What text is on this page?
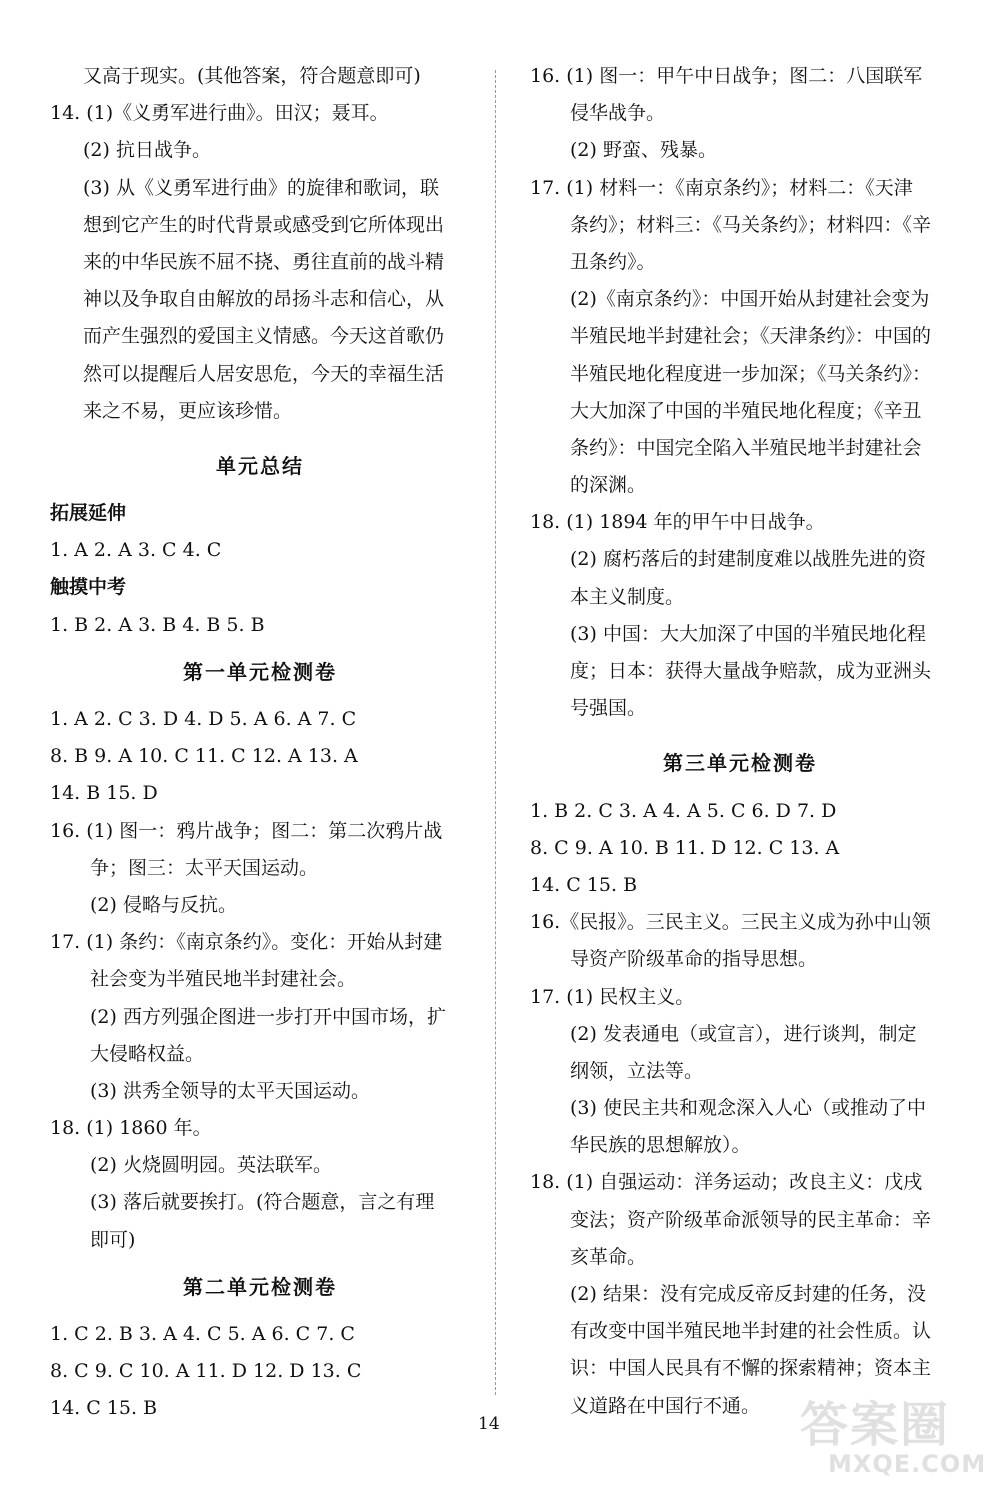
又高于现实。(其他答案，符合题意即可)
14. (1)《义勇军进行曲》。田汉；聂耳。
(2) 抗日战争。
(3) 从《义勇军进行曲》的旋律和歌词，联
想到它产生的时代背景或感受到它所体现出
来的中华民族不屈不挠、勇往直前的战斗精
神以及争取自由解放的昂扬斗志和信心，从
而产生强烈的爱国主义情感。今天这首歌仍
然可以提醒后人居安思危，今天的幸福生活
来之不易，更应该珍惜。
单元总结
拓展延伸
1. A 2. A 3. C 4. C
触摸中考
1. B 2. A 3. B 4. B 5. B
第一单元检测卷
1. A 2. C 3. D 4. D 5. A 6. A 7. C
8. B 9. A 10. C 11. C 12. A 13. A
14. B 15. D
16. (1) 图一：鸦片战争；图二：第二次鸦片战
争；图三：太平天国运动。
(2) 侵略与反抗。
17. (1) 条约：《南京条约》。变化：开始从封建
社会变为半殖民地半封建社会。
(2) 西方列强企图进一步打开中国市场，扩
大侵略权益。
(3) 洪秀全领导的太平天国运动。
18. (1) 1860 年。
(2) 火烧圆明园。英法联军。
(3) 落后就要挨打。(符合题意，言之有理
即可)
第二单元检测卷
1. C 2. B 3. A 4. C 5. A 6. C 7. C
8. C 9. C 10. A 11. D 12. D 13. C
14. C 15. B
16. (1) 图一：甲午中日战争；图二：八国联军
侵华战争。
(2) 野蛮、残暴。
17. (1) 材料一：《南京条约》；材料二：《天津
条约》；材料三：《马关条约》；材料四：《辛
丑条约》。
(2)《南京条约》：中国开始从封建社会变为
半殖民地半封建社会；《天津条约》：中国的
半殖民地化程度进一步加深；《马关条约》：
大大加深了中国的半殖民地化程度；《辛丑
条约》：中国完全陷入半殖民地半封建社会
的深渊。
18. (1) 1894 年的甲午中日战争。
(2) 腐朽落后的封建制度难以战胜先进的资
本主义制度。
(3) 中国：大大加深了中国的半殖民地化程
度；日本：获得大量战争赔款，成为亚洲头
号强国。
第三单元检测卷
1. B 2. C 3. A 4. A 5. C 6. D 7. D
8. C 9. A 10. B 11. D 12. C 13. A
14. C 15. B
16.《民报》。三民主义。三民主义成为孙中山领
导资产阶级革命的指导思想。
17. (1) 民权主义。
(2) 发表通电（或宣言），进行谈判，制定
纲领，立法等。
(3) 使民主共和观念深入人心（或推动了中
华民族的思想解放）。
18. (1) 自强运动：洋务运动；改良主义：戊戌
变法；资产阶级革命派领导的民主革命：辛
亥革命。
(2) 结果：没有完成反帝反封建的任务，没
有改变中国半殖民地半封建的社会性质。认
识：中国人民具有不懈的探索精神；资本主
义道路在中国行不通。
14	答案圈
MXQE.COM
